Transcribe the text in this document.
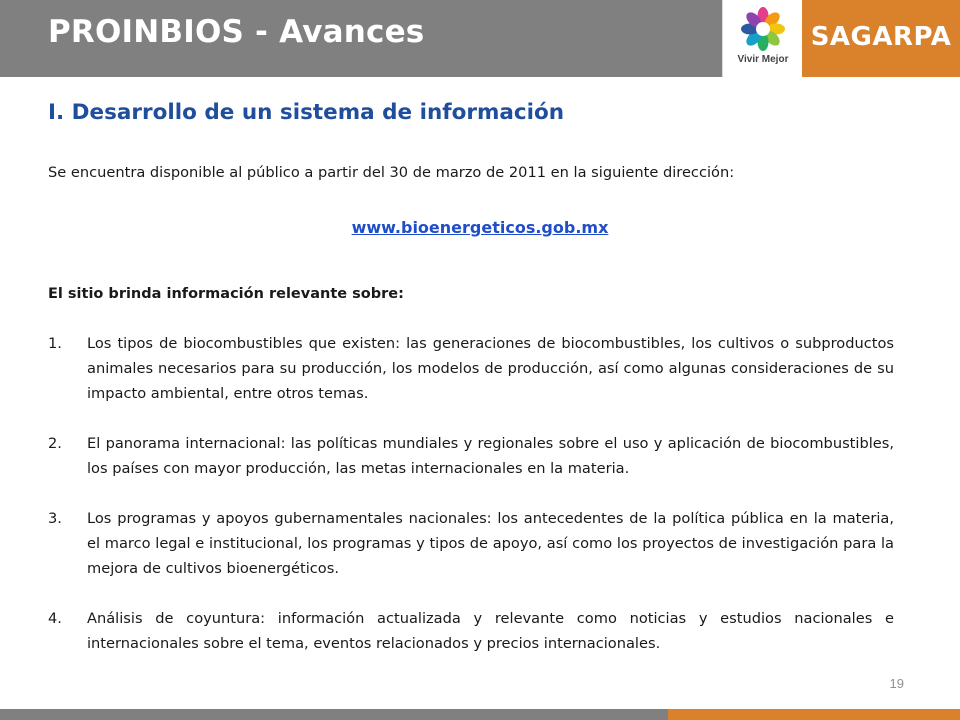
PROINBIOS - Avances
Vivir Mejor
SAGARPA
I. Desarrollo de un sistema de información

Se encuentra disponible al público a partir del 30 de marzo de 2011 en la siguiente dirección:

www.bioenergeticos.gob.mx

El sitio brinda información relevante sobre:

1.	Los tipos de biocombustibles que existen: las generaciones de biocombustibles, los cultivos o subproductos animales necesarios para su producción, los modelos de producción, así como algunas consideraciones de su impacto ambiental, entre otros temas.
2.	El panorama internacional: las políticas mundiales y regionales sobre el uso y aplicación de biocombustibles, los países con mayor producción, las metas internacionales en la materia.
3.	Los programas y apoyos gubernamentales nacionales: los antecedentes de la política pública en la materia, el marco legal e institucional, los programas y tipos de apoyo, así como los proyectos de investigación para la mejora de cultivos bioenergéticos.
4.	Análisis de coyuntura: información actualizada y relevante como noticias y estudios nacionales e internacionales sobre el tema, eventos relacionados y precios internacionales.
19
